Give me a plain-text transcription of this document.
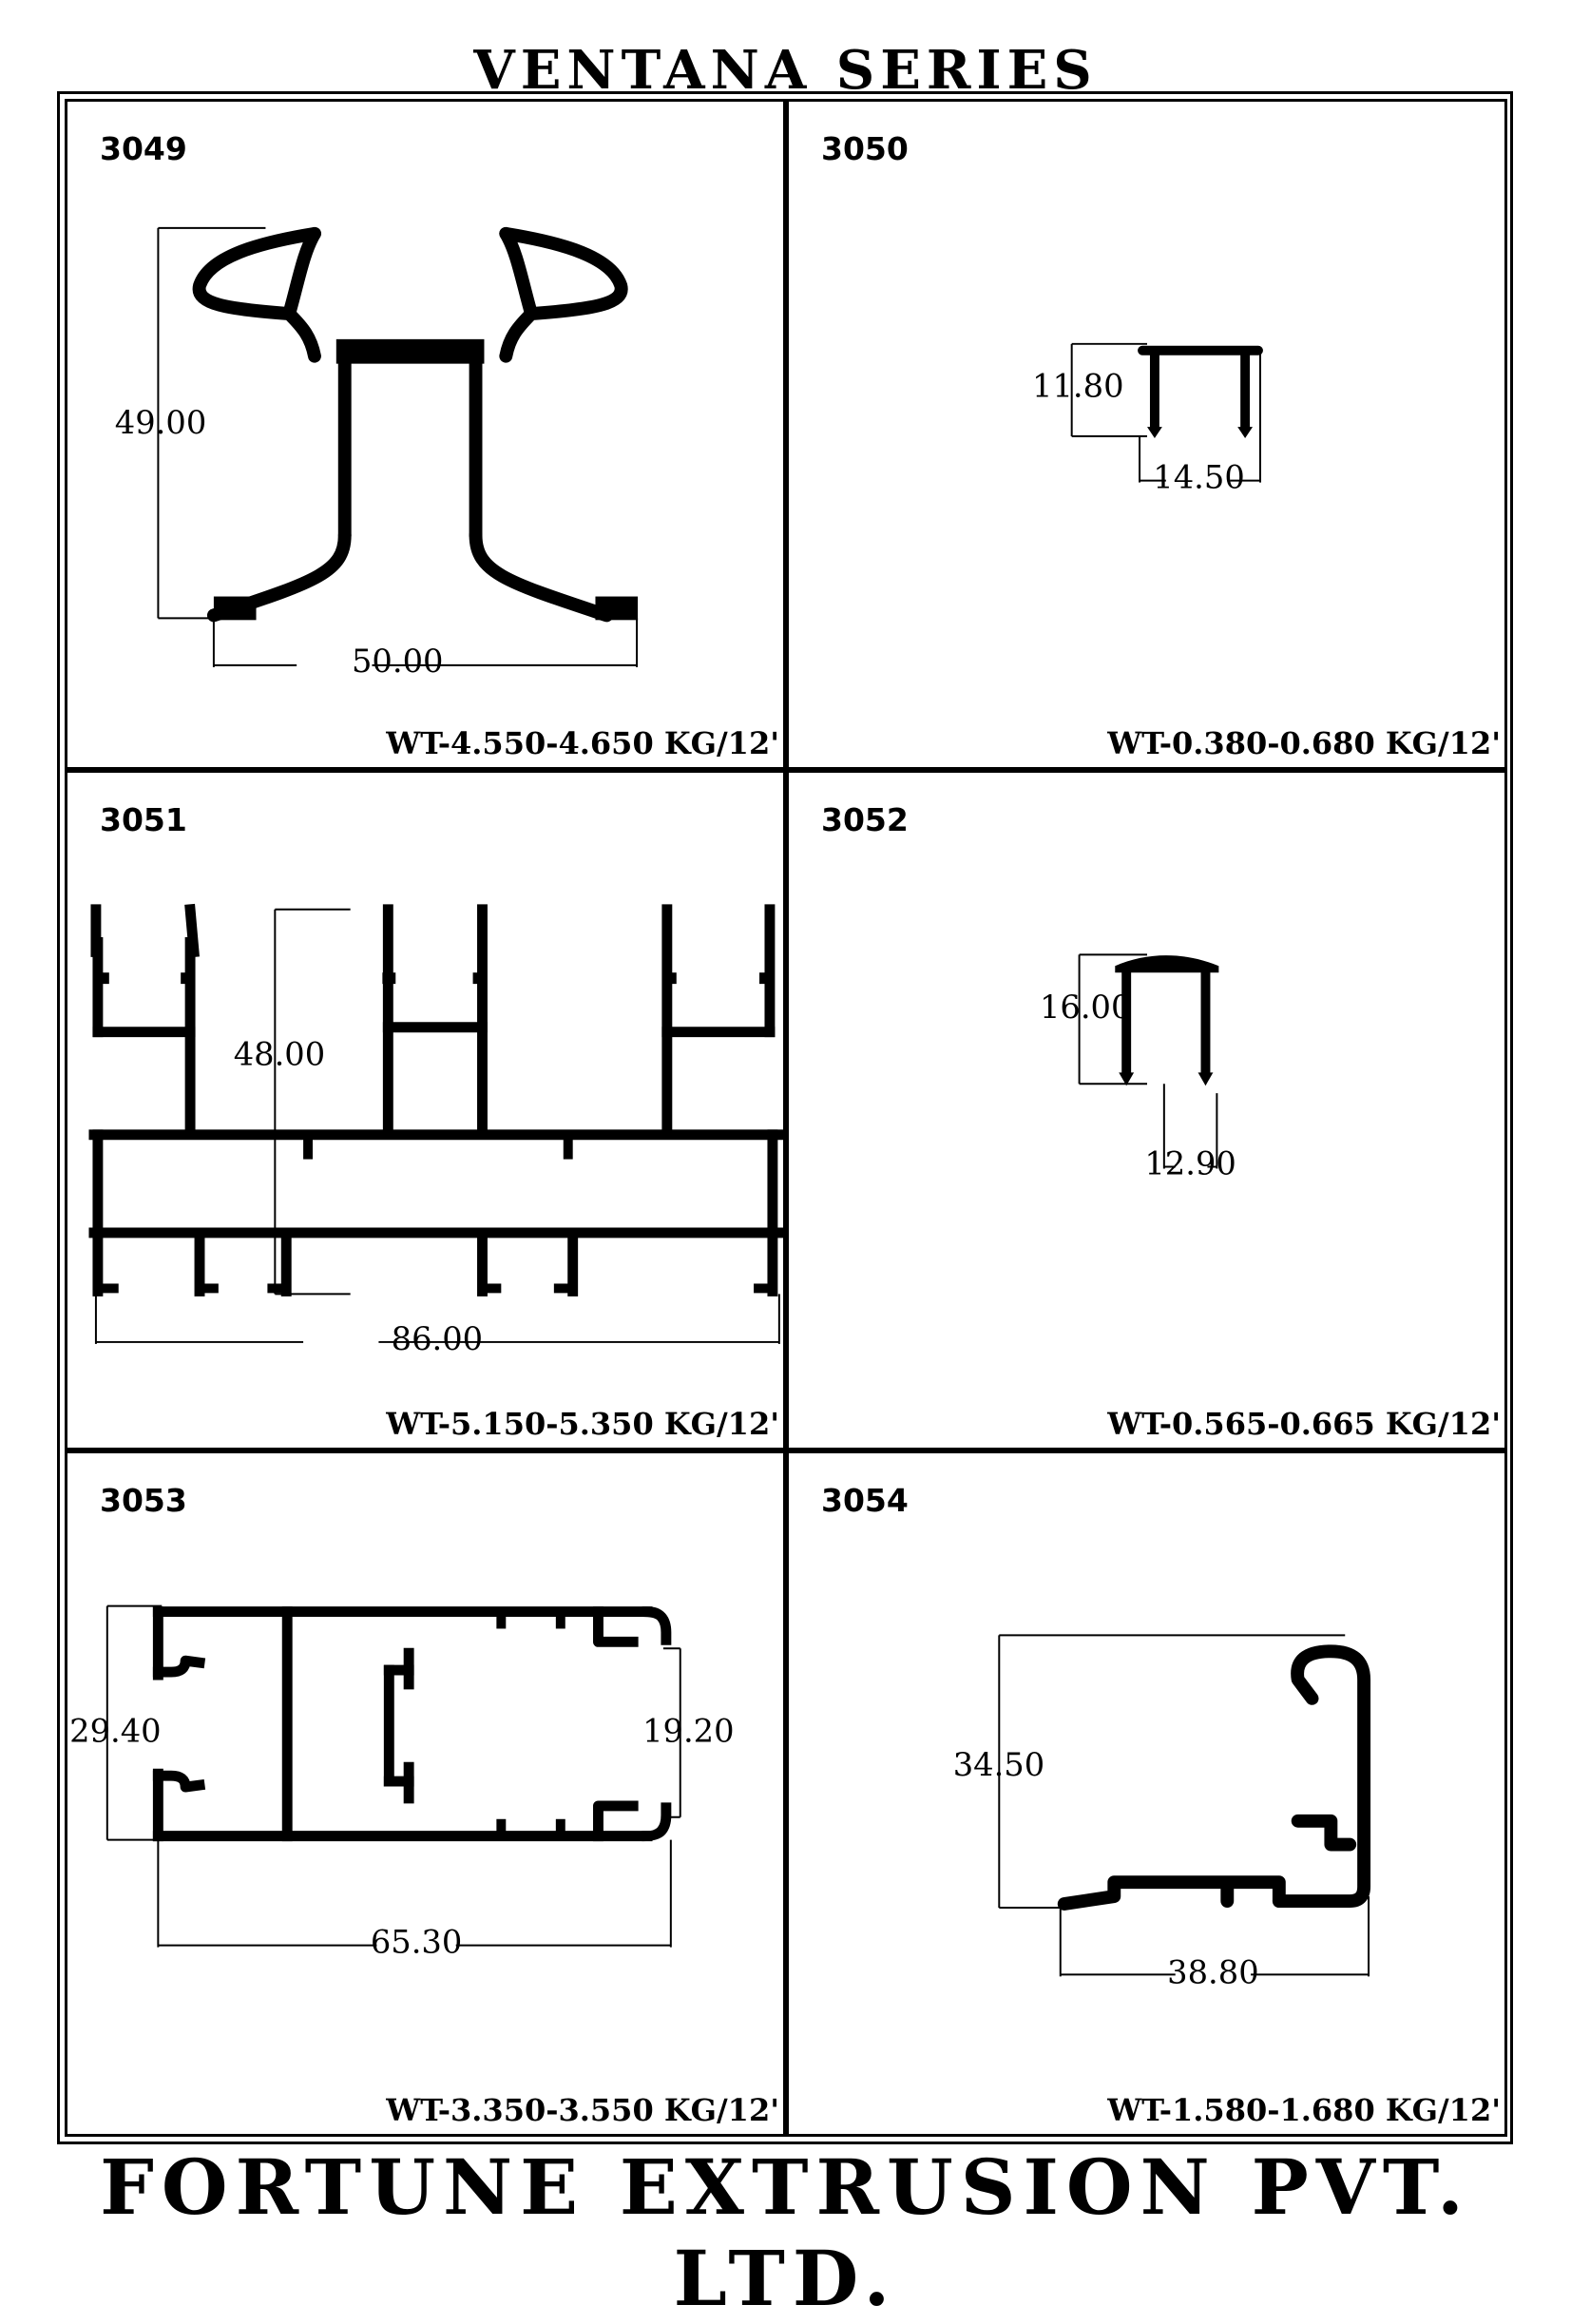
VENTANA SERIES
3049
49.00
50.00
WT-4.550-4.650 KG/12'
3050
11.80
14.50
WT-0.380-0.680 KG/12'
3051
48.00
86.00
WT-5.150-5.350 KG/12'
3052
16.00
12.90
WT-0.565-0.665 KG/12'
3053
29.40	19.20
65.30
WT-3.350-3.550 KG/12'
3054
34.50
38.80
WT-1.580-1.680 KG/12'
FORTUNE EXTRUSION PVT. LTD.
